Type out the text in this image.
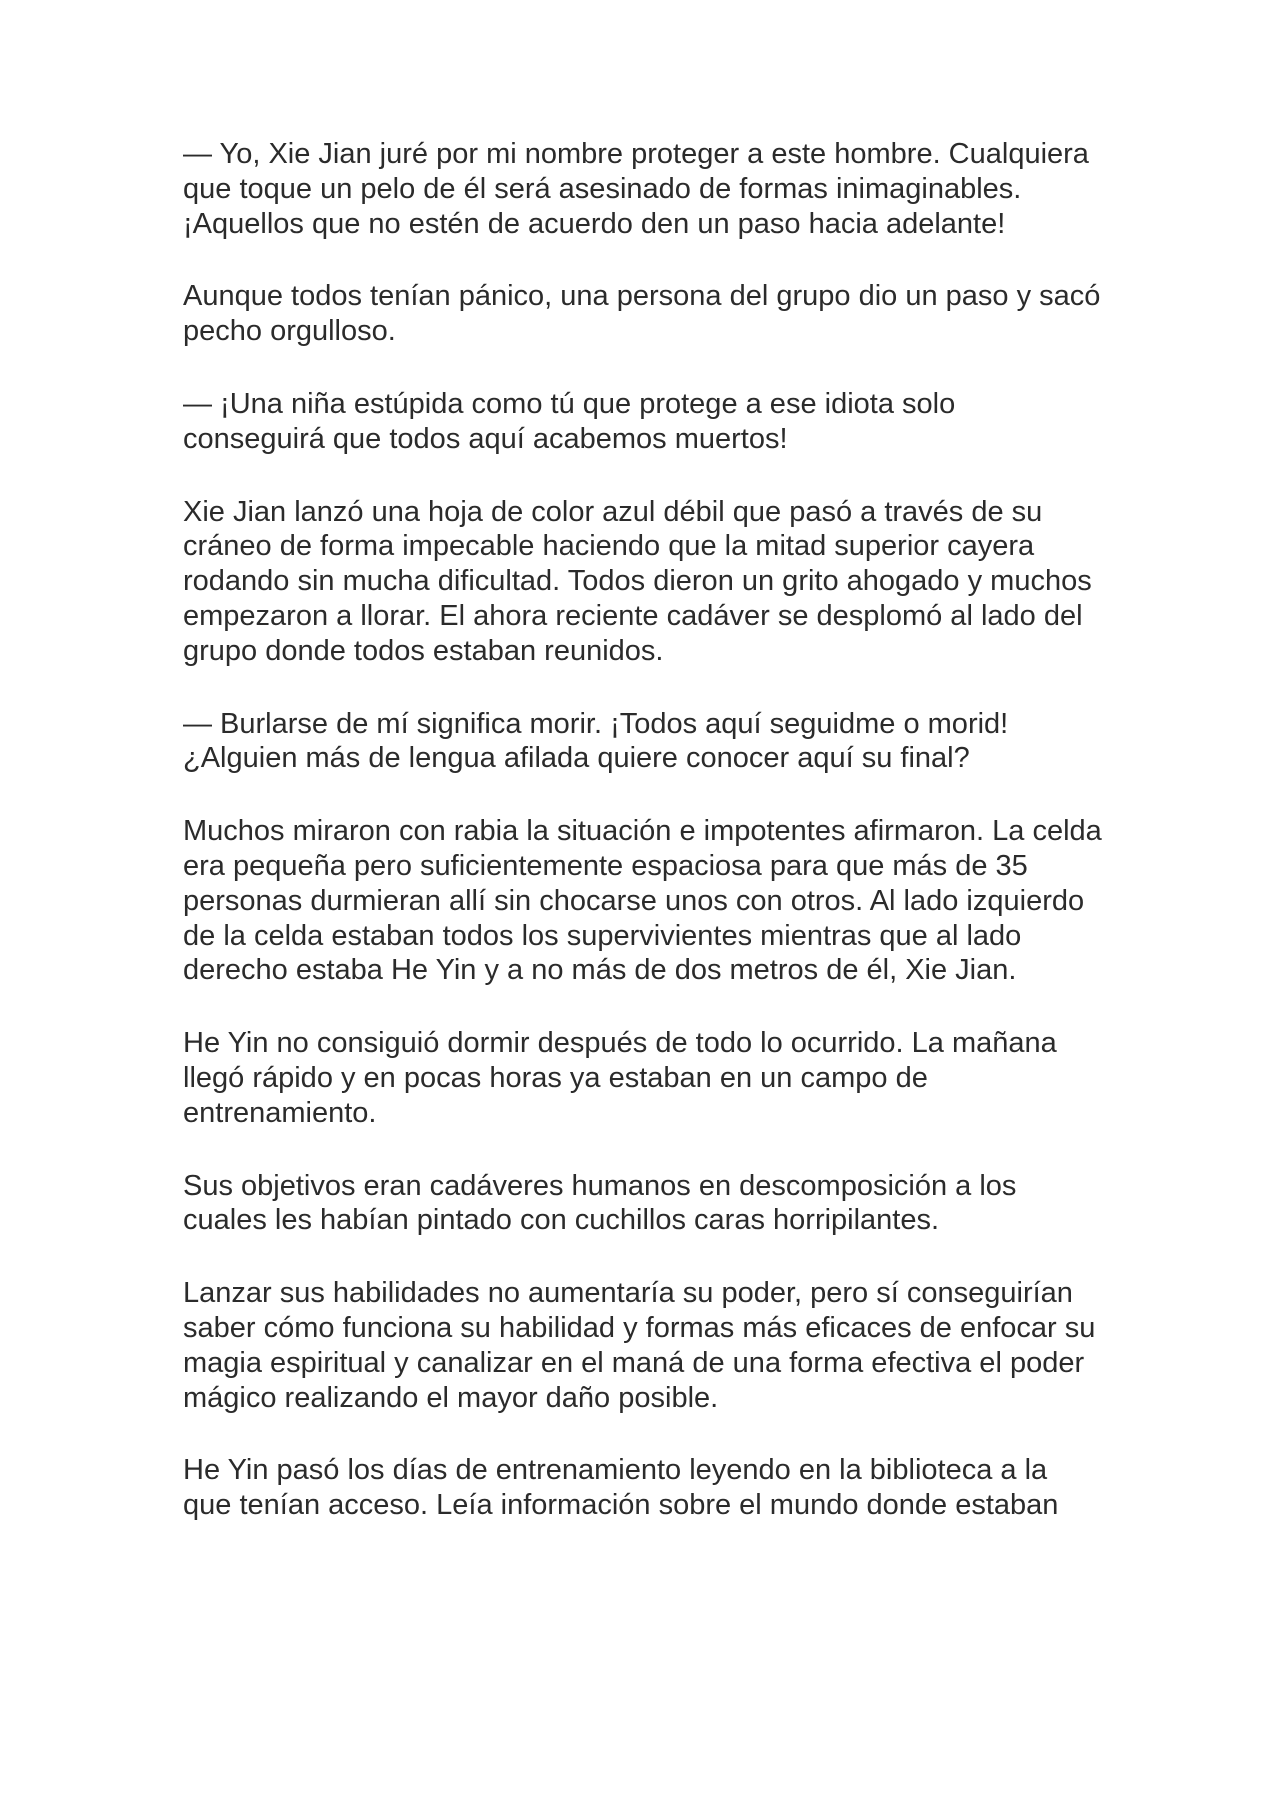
— Yo, Xie Jian juré por mi nombre proteger a este hombre. Cualquiera que toque un pelo de él será asesinado de formas inimaginables. ¡Aquellos que no estén de acuerdo den un paso hacia adelante!

Aunque todos tenían pánico, una persona del grupo dio un paso y sacó pecho orgulloso.

— ¡Una niña estúpida como tú que protege a ese idiota solo conseguirá que todos aquí acabemos muertos!

Xie Jian lanzó una hoja de color azul débil que pasó a través de su cráneo de forma impecable haciendo que la mitad superior cayera rodando sin mucha dificultad. Todos dieron un grito ahogado y muchos empezaron a llorar. El ahora reciente cadáver se desplomó al lado del grupo donde todos estaban reunidos.

— Burlarse de mí significa morir. ¡Todos aquí seguidme o morid! ¿Alguien más de lengua afilada quiere conocer aquí su final?

Muchos miraron con rabia la situación e impotentes afirmaron. La celda era pequeña pero suficientemente espaciosa para que más de 35 personas durmieran allí sin chocarse unos con otros. Al lado izquierdo de la celda estaban todos los supervivientes mientras que al lado derecho estaba He Yin y a no más de dos metros de él, Xie Jian.

He Yin no consiguió dormir después de todo lo ocurrido. La mañana llegó rápido y en pocas horas ya estaban en un campo de entrenamiento.

Sus objetivos eran cadáveres humanos en descomposición a los cuales les habían pintado con cuchillos caras horripilantes.

Lanzar sus habilidades no aumentaría su poder, pero sí conseguirían saber cómo funciona su habilidad y formas más eficaces de enfocar su magia espiritual y canalizar en el maná de una forma efectiva el poder mágico realizando el mayor daño posible.

He Yin pasó los días de entrenamiento leyendo en la biblioteca a la que tenían acceso. Leía información sobre el mundo donde estaban
